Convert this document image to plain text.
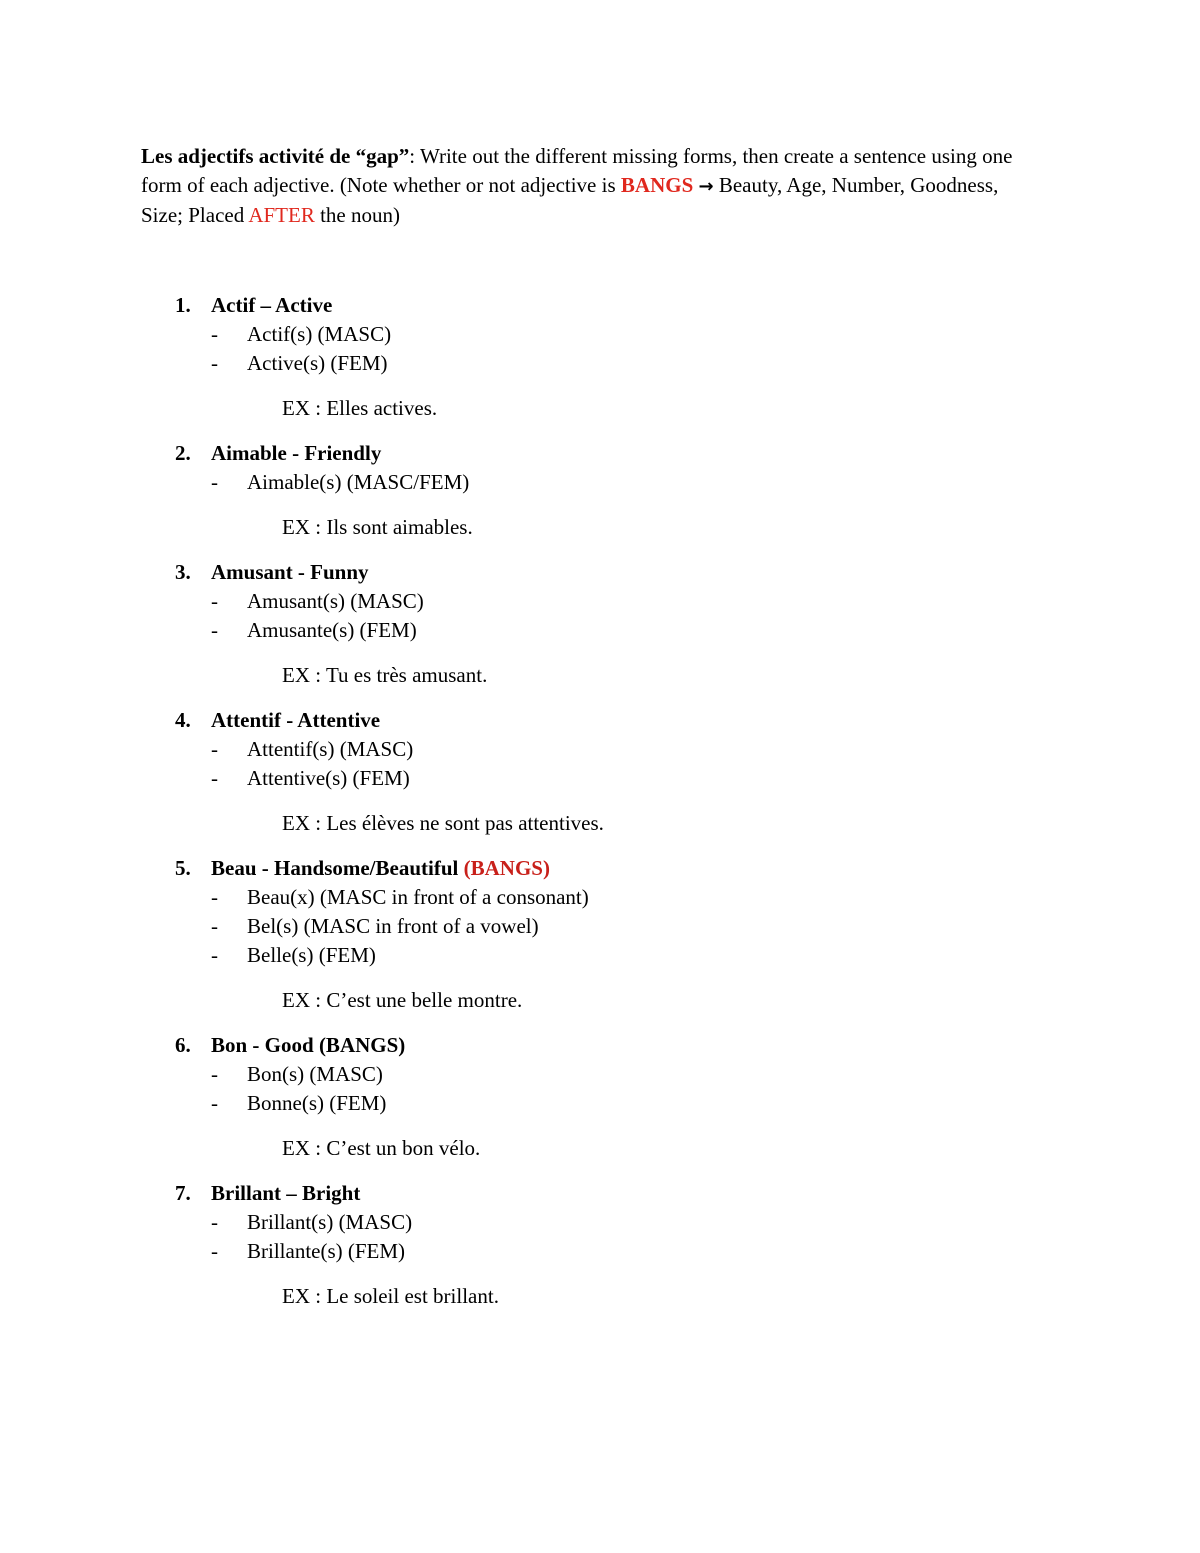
Les adjectifs activité de “gap”: Write out the different missing forms, then create a sentence using one form of each adjective. (Note whether or not adjective is BANGS → Beauty, Age, Number, Goodness, Size; Placed AFTER the noun)
1. Actif – Active
- Actif(s) (MASC)
- Active(s) (FEM)
EX : Elles actives.
2. Aimable - Friendly
- Aimable(s) (MASC/FEM)
EX : Ils sont aimables.
3. Amusant - Funny
- Amusant(s) (MASC)
- Amusante(s) (FEM)
EX : Tu es très amusant.
4. Attentif - Attentive
- Attentif(s) (MASC)
- Attentive(s) (FEM)
EX : Les élèves ne sont pas attentives.
5. Beau - Handsome/Beautiful (BANGS)
- Beau(x) (MASC in front of a consonant)
- Bel(s) (MASC in front of a vowel)
- Belle(s) (FEM)
EX : C’est une belle montre.
6. Bon - Good (BANGS)
- Bon(s) (MASC)
- Bonne(s) (FEM)
EX : C’est un bon vélo.
7. Brillant – Bright
- Brillant(s) (MASC)
- Brillante(s) (FEM)
EX : Le soleil est brillant.
